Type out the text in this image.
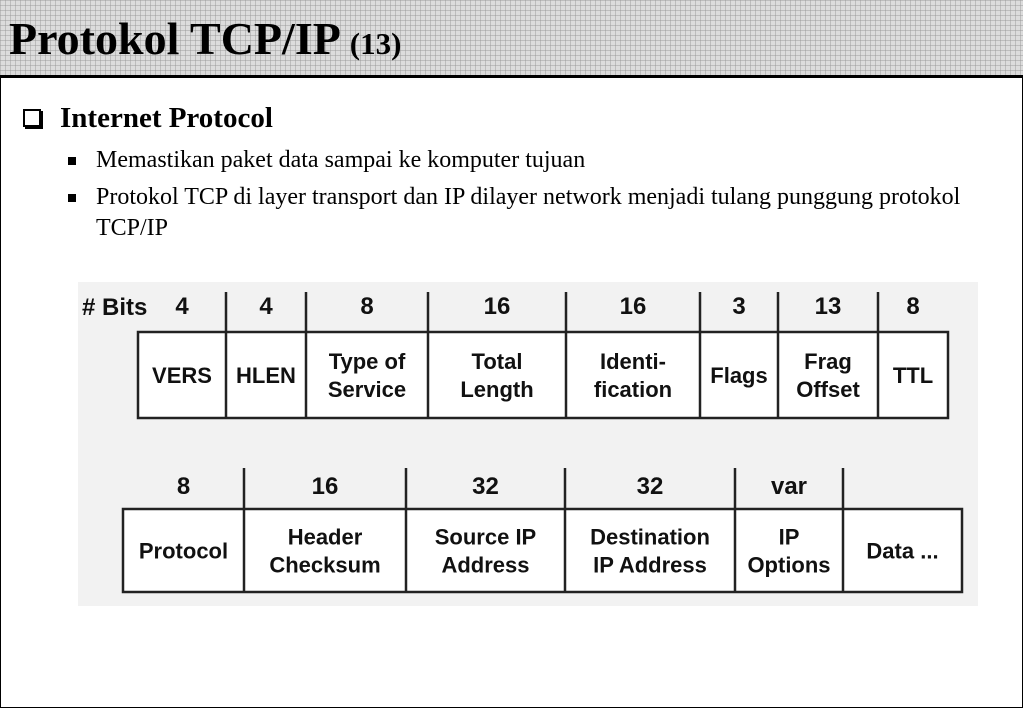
Protokol TCP/IP (13)
Internet Protocol
Memastikan paket data sampai ke komputer tujuan
Protokol TCP di layer transport dan IP dilayer network menjadi tulang punggung protokol TCP/IP
# Bits 4
VERS
4
HLEN
8
Type of
Service
16
Total
Length
16
Identi-
fication
3
Flags
13
Frag
Offset
8
TTL
8
Protocol
16
Header
Checksum
32
Source IP
Address
32
Destination
IP Address
var
IP
Options
Data ...
